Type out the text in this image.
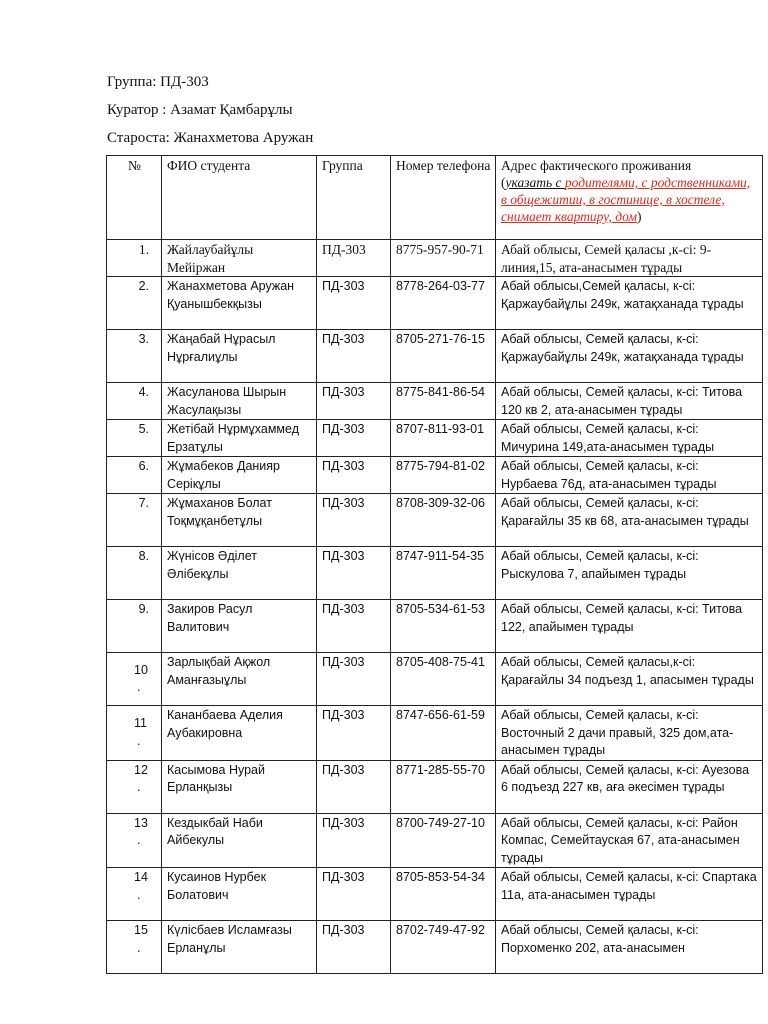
Группа: ПД-303
Куратор : Азамат Қамбарұлы
Староста: Жанахметова Аружан
№	ФИО студента	Группа	Номер телефона	Адрес фактического проживания
(указать с родителями, с родственниками, в общежитии, в гостинице, в хостеле, снимает квартиру, дом)

1.	Жайлаубайұлы Мейіржан	ПД-303	8775-957-90-71	Абай облысы, Семей қаласы ,к-сі: 9-линия,15, ата-анасымен тұрады

2.	Жанахметова Аружан Қуанышбекқызы	ПД-303	8778-264-03-77	Абай облысы,Семей қаласы, к-сі: Қаржаубайұлы 249к, жатақханада тұрады

3.	Жаңабай Нұрасыл Нұрғалиұлы	ПД-303	8705-271-76-15	Абай облысы, Семей қаласы, к-сі: Қаржаубайұлы 249к, жатақханада тұрады

4.	Жасуланова Шырын Жасулақызы	ПД-303	8775-841-86-54	Абай облысы, Семей қаласы, к-сі: Титова 120 кв 2, ата-анасымен тұрады

5.	Жетібай Нұрмұхаммед Ерзатұлы	ПД-303	8707-811-93-01	Абай облысы, Семей қаласы, к-сі: Мичурина 149,ата-анасымен тұрады

6.	Жұмабеков Данияр Серікұлы	ПД-303	8775-794-81-02	Абай облысы, Семей қаласы, к-сі: Нурбаева 76д, ата-анасымен тұрады

7.	Жұмаханов Болат Тоқмұқанбетұлы	ПД-303	8708-309-32-06	Абай облысы, Семей қаласы, к-сі: Қарағайлы 35 кв 68, ата-анасымен тұрады

8.	Жүнісов Әділет Әлібекұлы	ПД-303	8747-911-54-35	Абай облысы, Семей қаласы, к-сі: Рыскулова 7, апайымен тұрады

9.	Закиров Расул Валитович	ПД-303	8705-534-61-53	Абай облысы, Семей қаласы, к-сі: Титова 122, апайымен тұрады

10
.	Зарлықбай Ақжол Аманғазыұлы	ПД-303	8705-408-75-41	Абай облысы, Семей қаласы,к-сі: Қарағайлы 34 подъезд 1, апасымен тұрады

11
.	Кананбаева Аделия Аубакировна	ПД-303	8747-656-61-59	Абай облысы, Семей қаласы, к-сі: Восточный 2 дачи правый, 325 дом,ата-анасымен тұрады

12
.	Касымова Нурай Ерланқызы	ПД-303	8771-285-55-70	Абай облысы, Семей қаласы, к-сі: Ауезова 6 подъезд 227 кв, аға әкесімен тұрады

13
.	Кездыкбай Наби Айбекулы	ПД-303	8700-749-27-10	Абай облысы, Семей қаласы, к-сі: Район Компас, Семейтауская 67, ата-анасымен тұрады

14
.	Кусаинов Нурбек Болатович	ПД-303	8705-853-54-34	Абай облысы, Семей қаласы, к-сі: Спартака 11а, ата-анасымен тұрады

15
.	Күлісбаев Исламғазы Ерланұлы	ПД-303	8702-749-47-92	Абай облысы, Семей қаласы, к-сі: Порхоменко 202, ата-анасымен
